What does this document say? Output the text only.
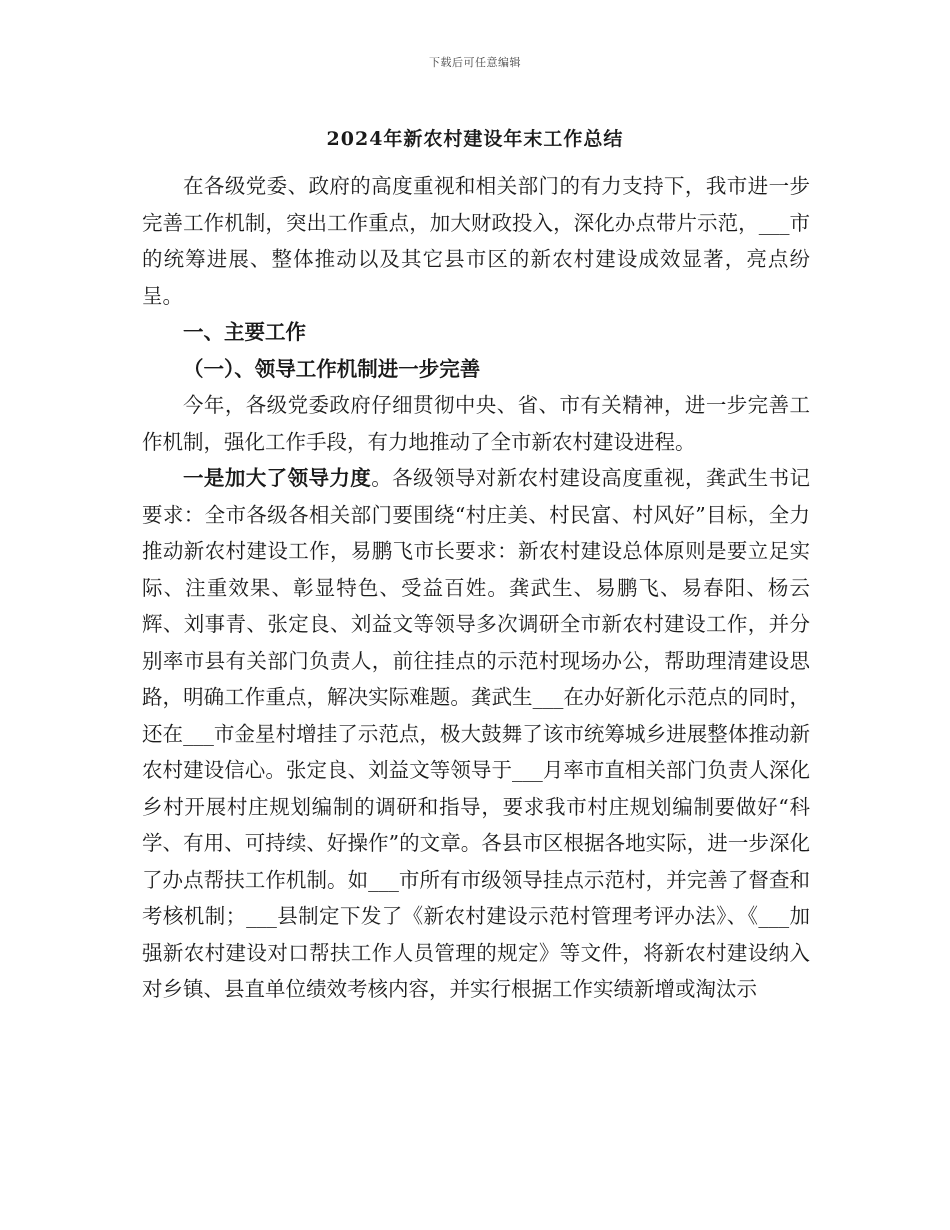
下载后可任意编辑
2024年新农村建设年末工作总结

在各级党委、政府的高度重视和相关部门的有力支持下，我市进一步完善工作机制，突出工作重点，加大财政投入，深化办点带片示范，___市的统筹进展、整体推动以及其它县市区的新农村建设成效显著，亮点纷呈。

一、主要工作

（一）、领导工作机制进一步完善

今年，各级党委政府仔细贯彻中央、省、市有关精神，进一步完善工作机制，强化工作手段，有力地推动了全市新农村建设进程。

一是加大了领导力度。各级领导对新农村建设高度重视，龚武生书记要求：全市各级各相关部门要围绕“村庄美、村民富、村风好”目标，全力推动新农村建设工作，易鹏飞市长要求：新农村建设总体原则是要立足实际、注重效果、彰显特色、受益百姓。龚武生、易鹏飞、易春阳、杨云辉、刘事青、张定良、刘益文等领导多次调研全市新农村建设工作，并分别率市县有关部门负责人，前往挂点的示范村现场办公，帮助理清建设思路，明确工作重点，解决实际难题。龚武生___在办好新化示范点的同时，还在___市金星村增挂了示范点，极大鼓舞了该市统筹城乡进展整体推动新农村建设信心。张定良、刘益文等领导于___月率市直相关部门负责人深化乡村开展村庄规划编制的调研和指导，要求我市村庄规划编制要做好“科学、有用、可持续、好操作”的文章。各县市区根据各地实际，进一步深化了办点帮扶工作机制。如___市所有市级领导挂点示范村，并完善了督查和考核机制；___县制定下发了《新农村建设示范村管理考评办法》、《___加强新农村建设对口帮扶工作人员管理的规定》等文件，将新农村建设纳入对乡镇、县直单位绩效考核内容，并实行根据工作实绩新增或淘汰示
